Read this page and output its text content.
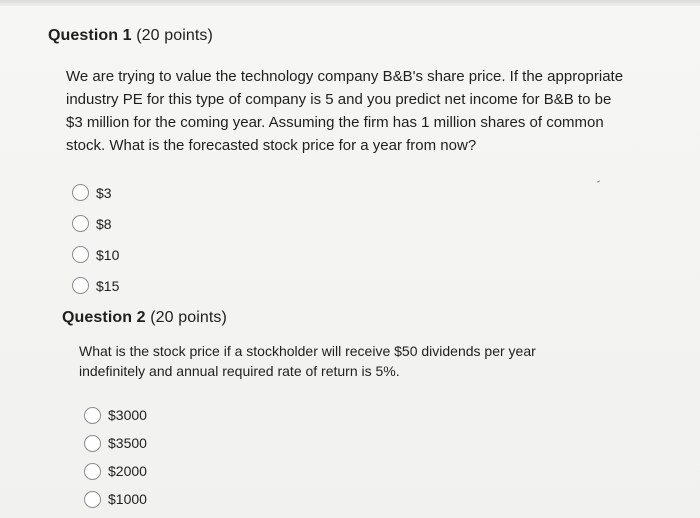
Question 1 (20 points)
We are trying to value the technology company B&B's share price. If the appropriate industry PE for this type of company is 5 and you predict net income for B&B to be $3 million for the coming year. Assuming the firm has 1 million shares of common stock. What is the forecasted stock price for a year from now?
$3
$8
$10
$15
Question 2 (20 points)
What is the stock price if a stockholder will receive $50 dividends per year indefinitely and annual required rate of return is 5%.
$3000
$3500
$2000
$1000
